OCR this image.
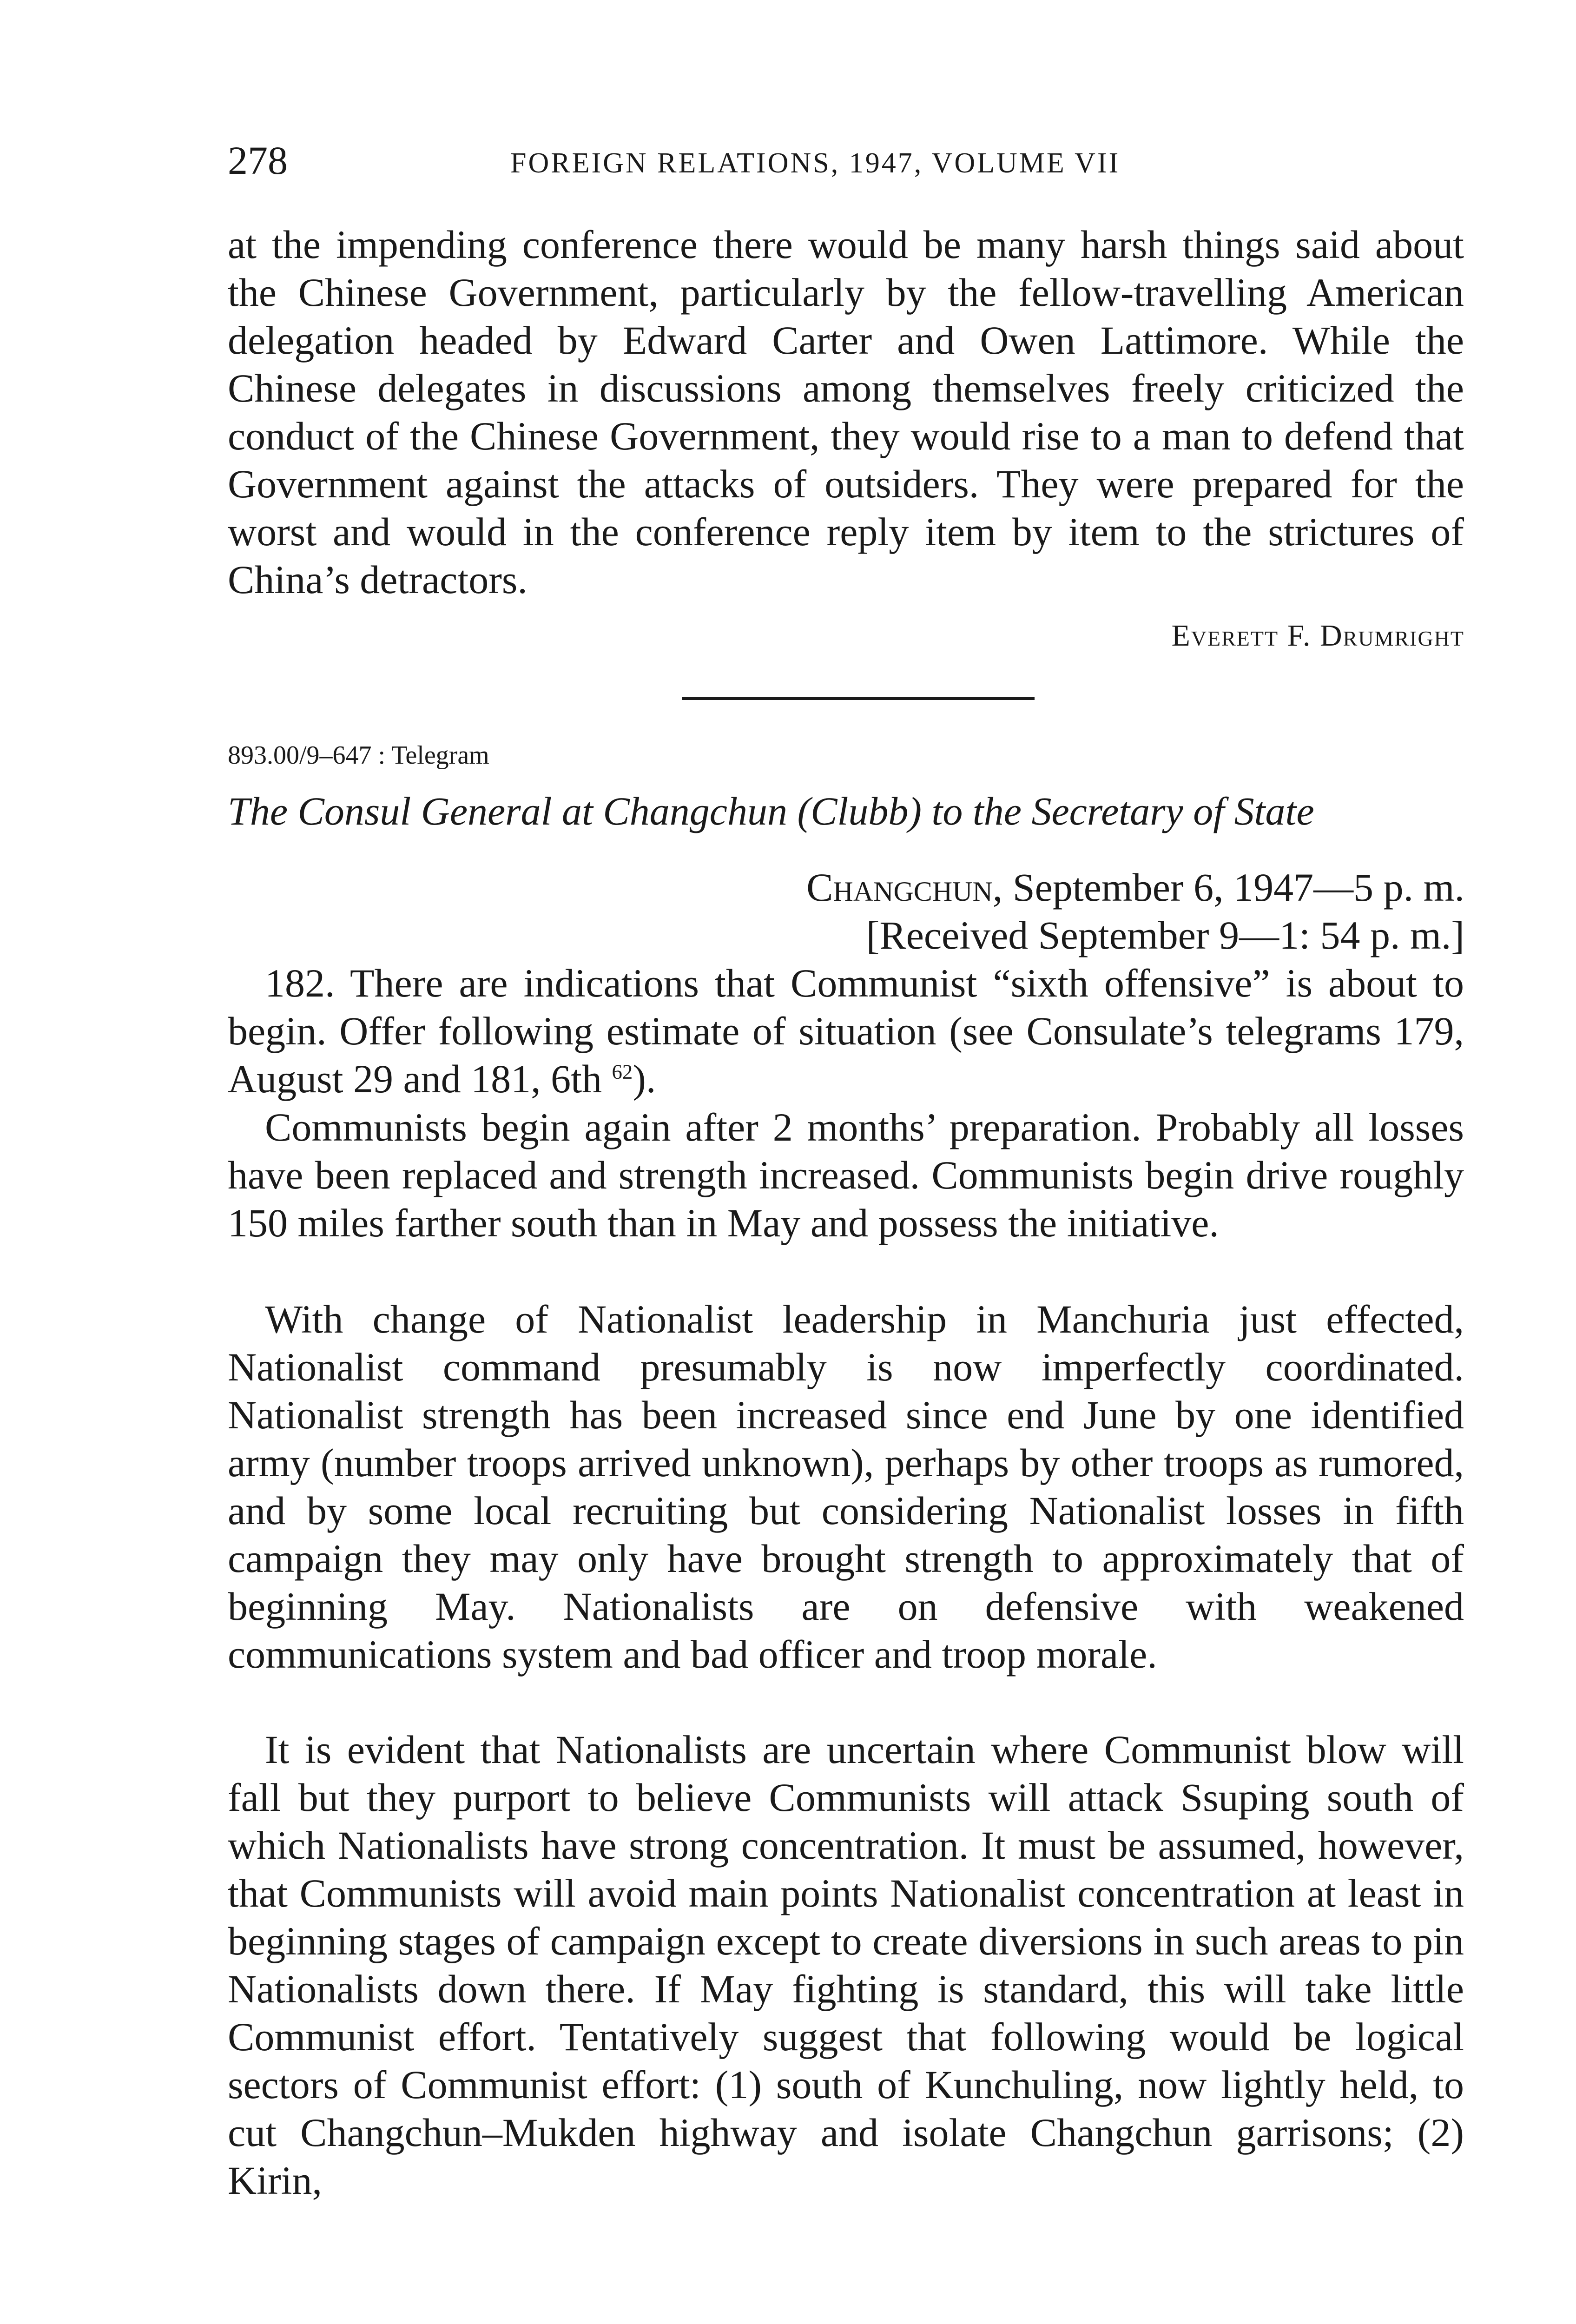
278	FOREIGN RELATIONS, 1947, VOLUME VII

at the impending conference there would be many harsh things said about the Chinese Government, particularly by the fellow-travelling American delegation headed by Edward Carter and Owen Lattimore. While the Chinese delegates in discussions among themselves freely criticized the conduct of the Chinese Government, they would rise to a man to defend that Government against the attacks of outsiders. They were prepared for the worst and would in the conference reply item by item to the strictures of China’s detractors.

Everett F. Drumright
893.00/9–647 : Telegram
The Consul General at Changchun (Clubb) to the Secretary of State
Changchun, September 6, 1947—5 p. m.
[Received September 9—1: 54 p. m.]

182. There are indications that Communist “sixth offensive” is about to begin. Offer following estimate of situation (see Consulate’s telegrams 179, August 29 and 181, 6th $^{62}$).

Communists begin again after 2 months’ preparation. Probably all losses have been replaced and strength increased. Communists begin drive roughly 150 miles farther south than in May and possess the initiative.

With change of Nationalist leadership in Manchuria just effected, Nationalist command presumably is now imperfectly coordinated. Nationalist strength has been increased since end June by one identified army (number troops arrived unknown), perhaps by other troops as rumored, and by some local recruiting but considering Nationalist losses in fifth campaign they may only have brought strength to approximately that of beginning May. Nationalists are on defensive with weakened communications system and bad officer and troop morale.

It is evident that Nationalists are uncertain where Communist blow will fall but they purport to believe Communists will attack Ssuping south of which Nationalists have strong concentration. It must be assumed, however, that Communists will avoid main points Nationalist concentration at least in beginning stages of campaign except to create diversions in such areas to pin Nationalists down there. If May fighting is standard, this will take little Communist effort. Tentatively suggest that following would be logical sectors of Communist effort: (1) south of Kunchuling, now lightly held, to cut Changchun–Mukden highway and isolate Changchun garrisons; (2) Kirin,
